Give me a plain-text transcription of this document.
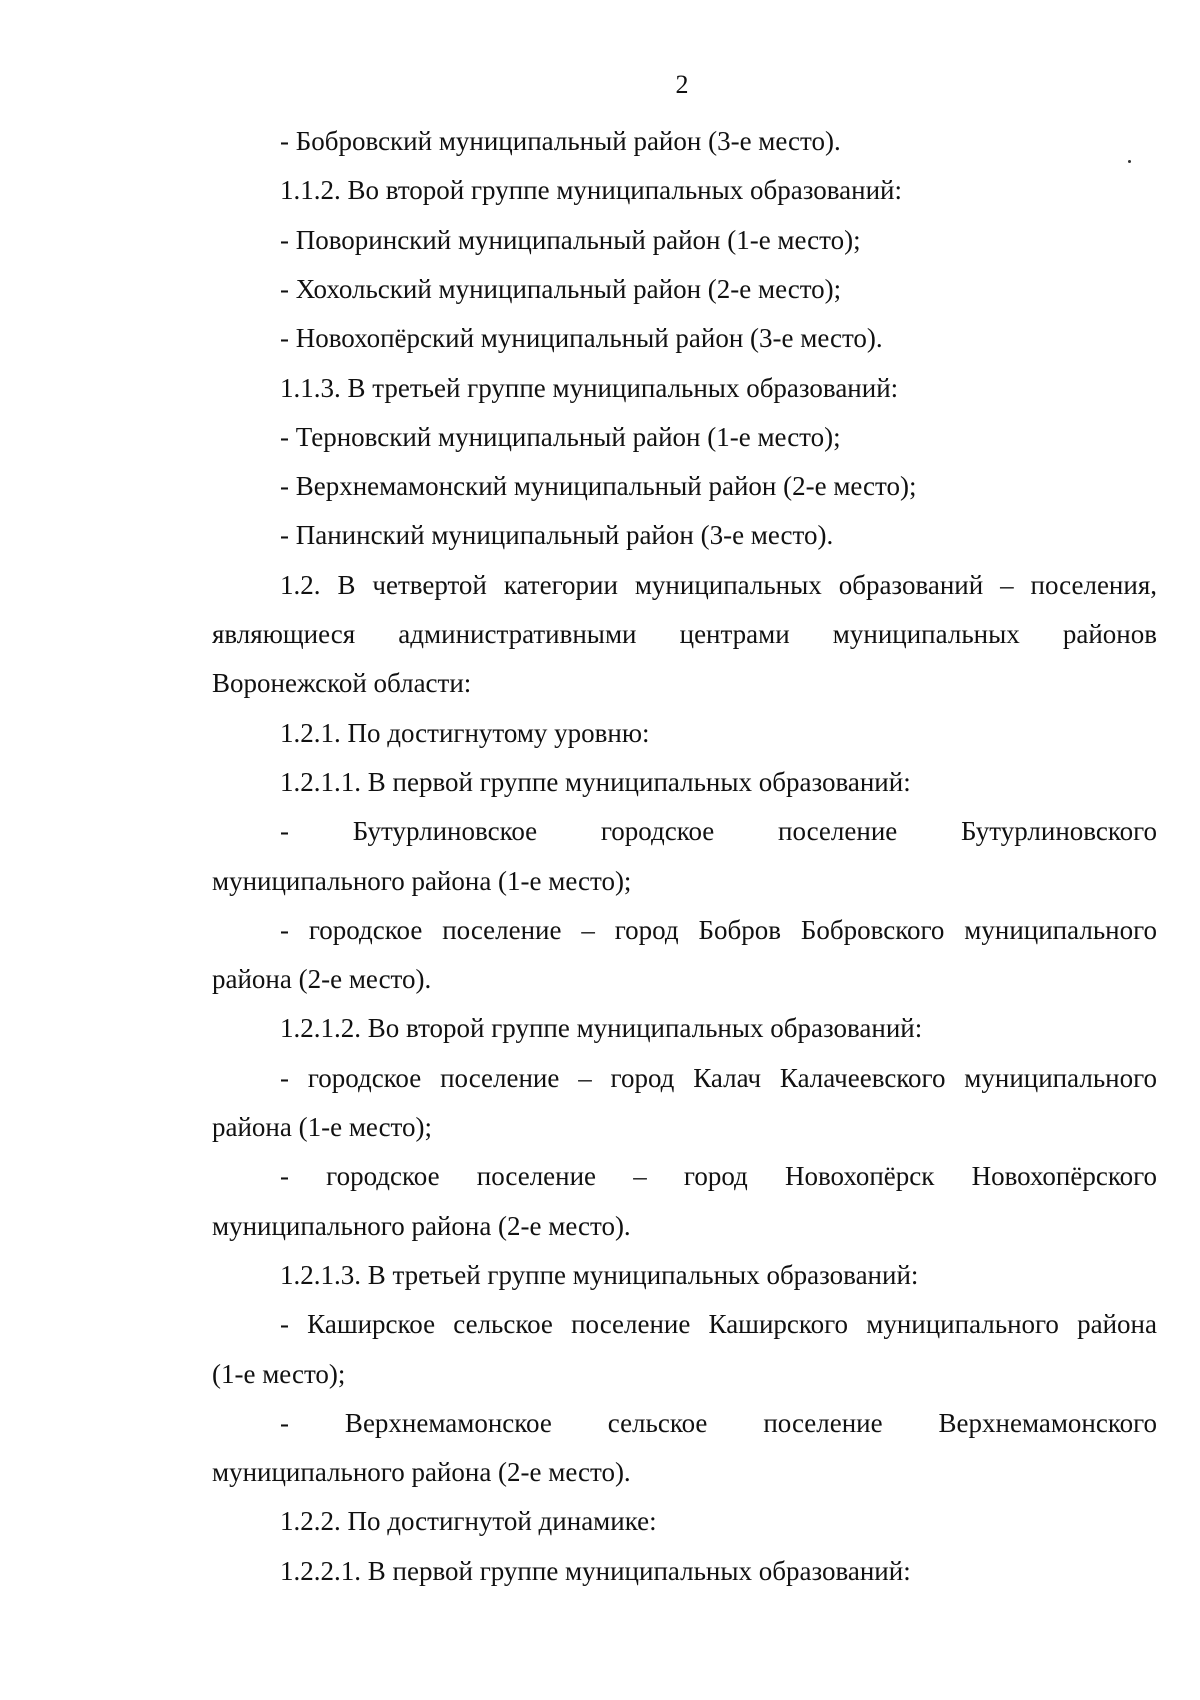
2
- Бобровский муниципальный район (3-е место).
1.1.2. Во второй группе муниципальных образований:
- Поворинский муниципальный район (1-е место);
- Хохольский муниципальный район (2-е место);
- Новохопёрский муниципальный район (3-е место).
1.1.3. В третьей группе муниципальных образований:
- Терновский муниципальный район (1-е место);
- Верхнемамонский муниципальный район (2-е место);
- Панинский муниципальный район (3-е место).
1.2. В четвертой категории муниципальных образований – поселения,
являющиеся административными центрами муниципальных районов
Воронежской области:
1.2.1. По достигнутому уровню:
1.2.1.1. В первой группе муниципальных образований:
- Бутурлиновское городское поселение Бутурлиновского
муниципального района (1-е место);
- городское поселение – город Бобров Бобровского муниципального
района (2-е место).
1.2.1.2. Во второй группе муниципальных образований:
- городское поселение – город Калач Калачеевского муниципального
района (1-е место);
- городское поселение – город Новохопёрск Новохопёрского
муниципального района (2-е место).
1.2.1.3. В третьей группе муниципальных образований:
- Каширское сельское поселение Каширского муниципального района
(1-е место);
- Верхнемамонское сельское поселение Верхнемамонского
муниципального района (2-е место).
1.2.2. По достигнутой динамике:
1.2.2.1. В первой группе муниципальных образований:
